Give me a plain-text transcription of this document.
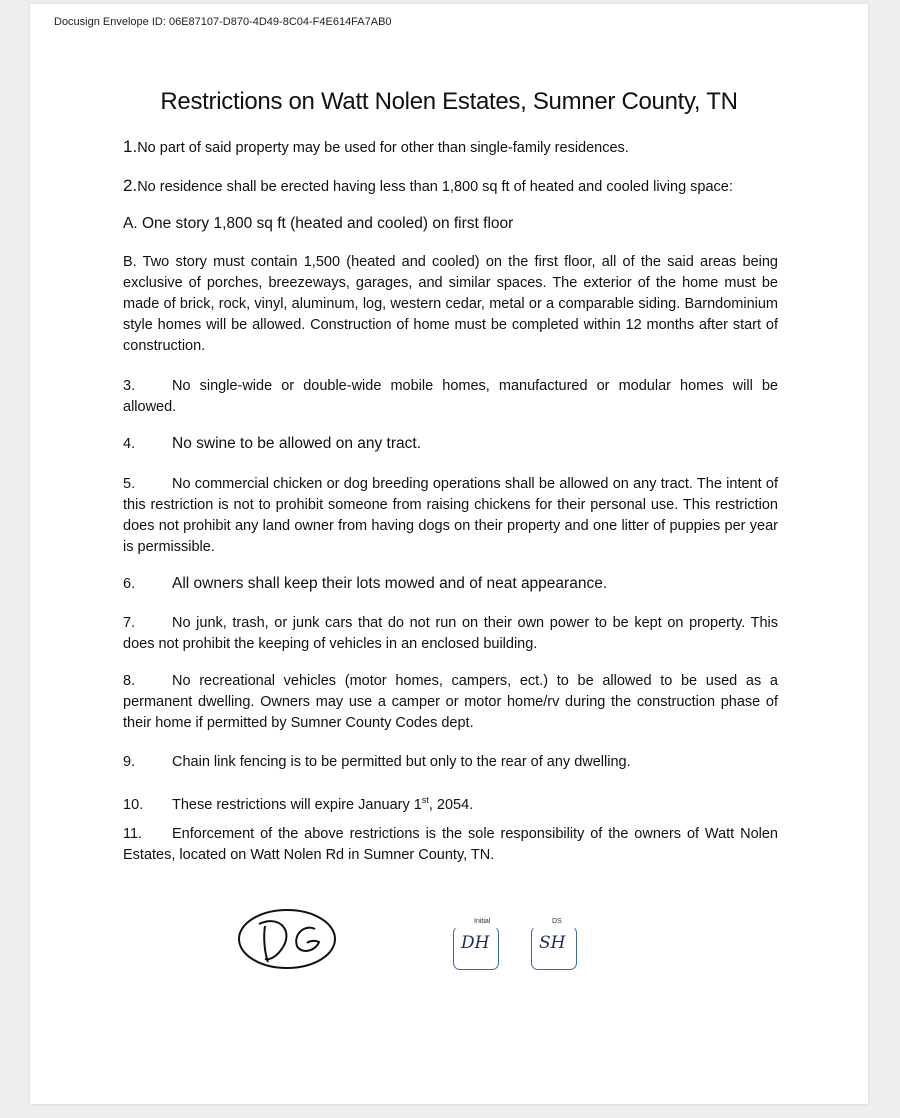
Docusign Envelope ID: 06E87107-D870-4D49-8C04-F4E614FA7AB0
Restrictions on Watt Nolen Estates, Sumner County, TN
1.No part of said property may be used for other than single-family residences.
2.No residence shall be erected having less than 1,800 sq ft of heated and cooled living space:
A. One story 1,800 sq ft (heated and cooled) on first floor
B. Two story must contain 1,500 (heated and cooled) on the first floor, all of the said areas being exclusive of porches, breezeways, garages, and similar spaces. The exterior of the home must be made of brick, rock, vinyl, aluminum, log, western cedar, metal or a comparable siding. Barndominium style homes will be allowed. Construction of home must be completed within 12 months after start of construction.
3.	No single-wide or double-wide mobile homes, manufactured or modular homes will be allowed.
4. No swine to be allowed on any tract.
5.	No commercial chicken or dog breeding operations shall be allowed on any tract. The intent of this restriction is not to prohibit someone from raising chickens for their personal use. This restriction does not prohibit any land owner from having dogs on their property and one litter of puppies per year is permissible.
6. All owners shall keep their lots mowed and of neat appearance.
7.	No junk, trash, or junk cars that do not run on their own power to be kept on property. This does not prohibit the keeping of vehicles in an enclosed building.
8.	No recreational vehicles (motor homes, campers, ect.) to be allowed to be used as a permanent dwelling. Owners may use a camper or motor home/rv during the construction phase of their home if permitted by Sumner County Codes dept.
9.	Chain link fencing is to be permitted but only to the rear of any dwelling.
10. These restrictions will expire January 1st, 2054.
11. Enforcement of the above restrictions is the sole responsibility of the owners of Watt Nolen Estates, located on Watt Nolen Rd in Sumner County, TN.
Initial
DH
DS
SH
